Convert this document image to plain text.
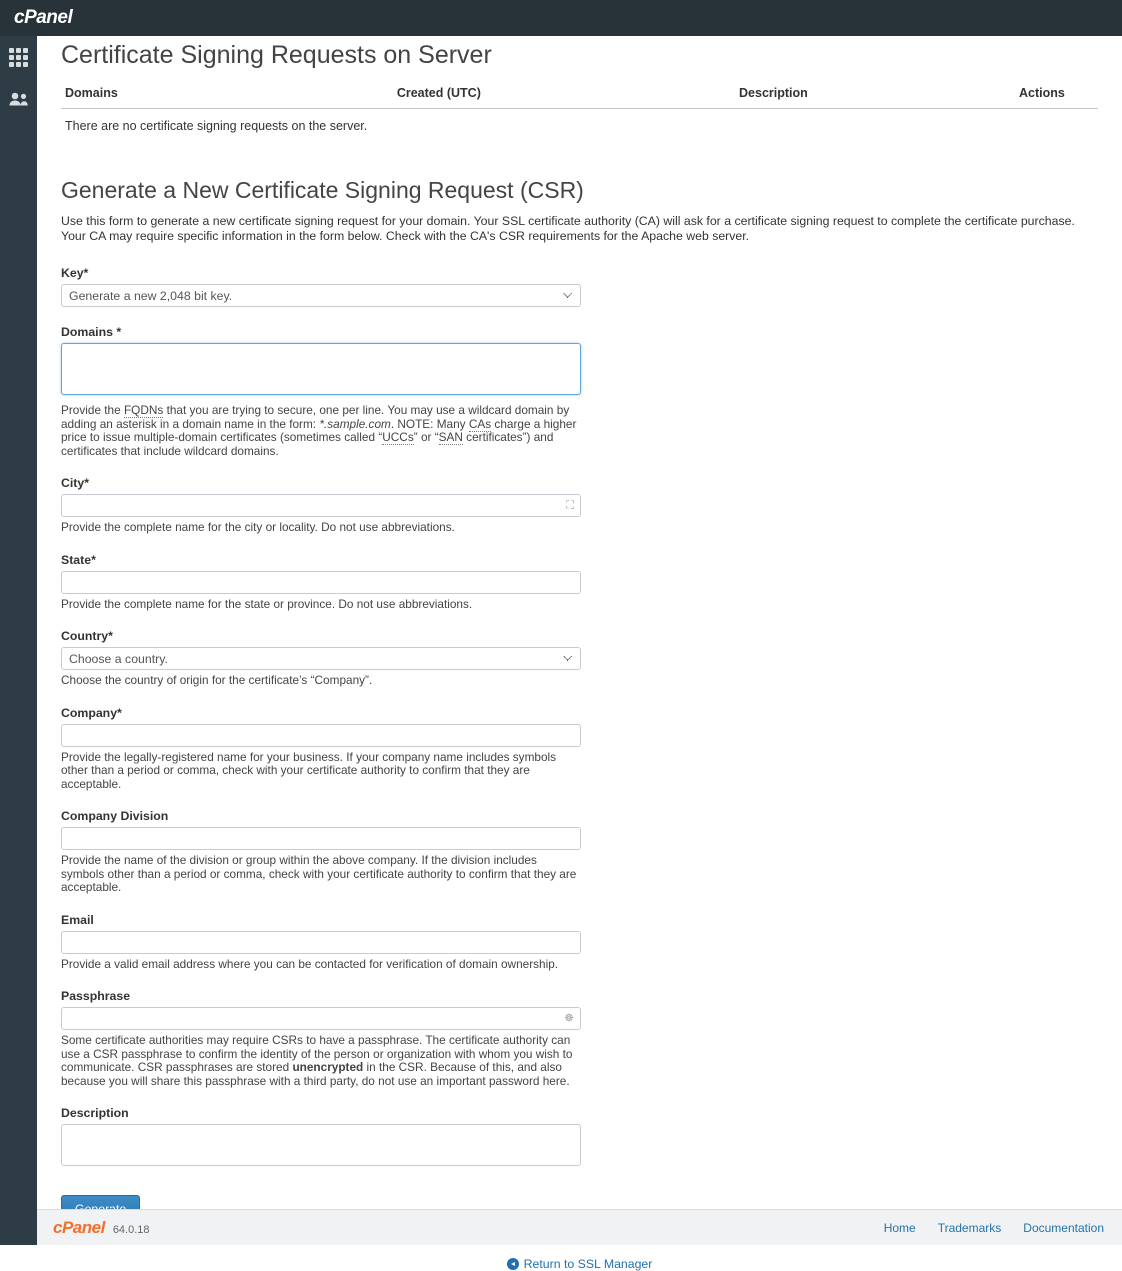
cPanel
Certificate Signing Requests on Server
Domains	Created (UTC)	Description	Actions
There are no certificate signing requests on the server.
Generate a New Certificate Signing Request (CSR)

Use this form to generate a new certificate signing request for your domain. Your SSL certificate authority (CA) will ask for a certificate signing request to complete the certificate purchase. Your CA may require specific information in the form below. Check with the CA's CSR requirements for the Apache web server.

Key*
Generate a new 2,048 bit key.
Domains *
Provide the FQDNs that you are trying to secure, one per line. You may use a wildcard domain by adding an asterisk in a domain name in the form: *.sample.com. NOTE: Many CAs charge a higher price to issue multiple-domain certificates (sometimes called “UCCs” or “SAN certificates”) and certificates that include wildcard domains.
City*
⛶
Provide the complete name for the city or locality. Do not use abbreviations.
State*
Provide the complete name for the state or province. Do not use abbreviations.
Country*
Choose a country.
Choose the country of origin for the certificate’s “Company”.
Company*
Provide the legally-registered name for your business. If your company name includes symbols other than a period or comma, check with your certificate authority to confirm that they are acceptable.
Company Division
Provide the name of the division or group within the above company. If the division includes symbols other than a period or comma, check with your certificate authority to confirm that they are acceptable.
Email
Provide a valid email address where you can be contacted for verification of domain ownership.
Passphrase
☸
Some certificate authorities may require CSRs to have a passphrase. The certificate authority can use a CSR passphrase to confirm the identity of the person or organization with whom you wish to communicate. CSR passphrases are stored unencrypted in the CSR. Because of this, and also because you will share this passphrase with a third party, do not use an important password here.
Description
Return to SSL Manager
cPanel 64.0.18	Home Trademarks Documentation
